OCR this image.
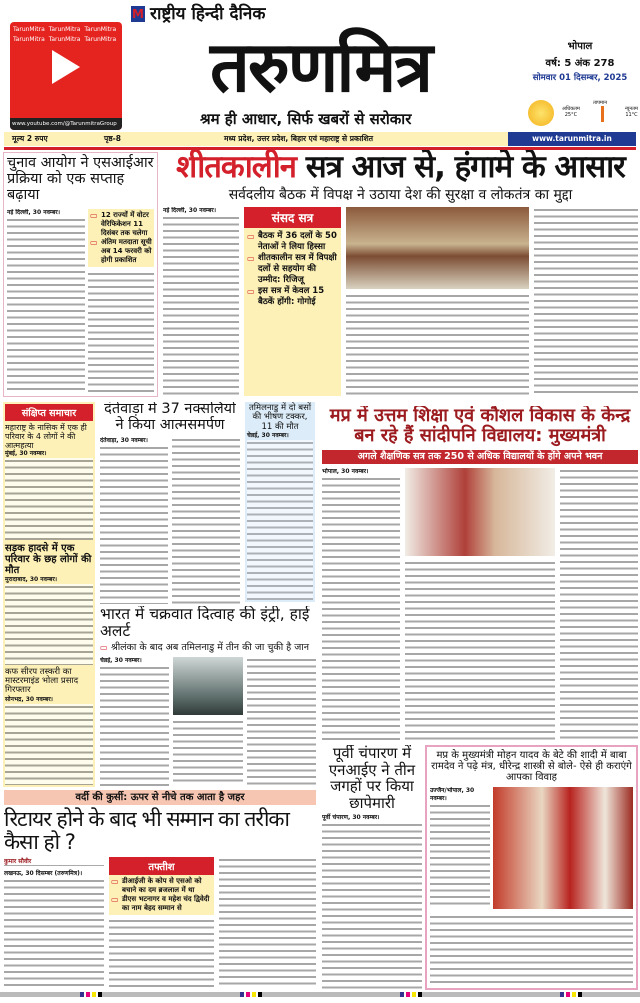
TarunMitra TarunMitra TarunMitra
TarunMitra TarunMitra TarunMitra
www.youtube.com/@TarunmitraGroup
M राष्ट्रीय हिन्दी दैनिक
तरुणमित्र
श्रम ही आधार, सिर्फ खबरों से सरोकार
भोपाल
वर्ष: 5 अंक 278
सोमवार 01 दिसम्बर, 2025
तापमान
अधिकतम
25°C
न्यूनतम
11°C
मूल्य 2 रुपए	पृष्ठ-8	मध्य प्रदेश, उत्तर प्रदेश, बिहार एवं महाराष्ट्र से प्रकाशित	www.tarunmitra.in
चुनाव आयोग ने एसआईआर प्रक्रिया को एक सप्ताह बढ़ाया
नई दिल्ली, 30 नवम्बर।	▭ 12 राज्यों में वोटर वेरिफिकेशन 11 दिसंबर तक चलेगा
▭ अंतिम मतदाता सूची अब 14 फरवरी को होगी प्रकाशित
शीतकालीन सत्र आज से, हंगामे के आसार
सर्वदलीय बैठक में विपक्ष ने उठाया देश की सुरक्षा व लोकतंत्र का मुद्दा
नई दिल्ली, 30 नवम्बर।
संसद सत्र
▭ बैठक में 36 दलों के 50 नेताओं ने लिया हिस्सा
▭ शीतकालीन सत्र में विपक्षी दलों से सहयोग की उम्मीद: रिजिजू
▭ इस सत्र में केवल 15 बैठकें होंगी: गोगोई
संक्षिप्त समाचार
महाराष्ट्र के नासिक में एक ही परिवार के 4 लोगों ने की आत्महत्या
मुंबई, 30 नवम्बर।
सड़क हादसे में एक परिवार के छह लोगों की मौत
मुरादाबाद, 30 नवम्बर।
कफ सीरप तस्करी का मास्टरमाइंड भोला प्रसाद गिरफ्तार
सोनभद्र, 30 नवम्बर।
दंतेवाड़ा में 37 नक्सलियों ने किया आत्मसमर्पण
दंतेवाड़ा, 30 नवम्बर।
तमिलनाडु में दो बसों की भीषण टक्कर, 11 की मौत
चेन्नई, 30 नवम्बर।
मप्र में उत्तम शिक्षा एवं कौशल विकास के केन्द्र बन रहे हैं सांदीपनि विद्यालय: मुख्यमंत्री
अगले शैक्षणिक सत्र तक 250 से अधिक विद्यालयों के होंगे अपने भवन
भोपाल, 30 नवम्बर।
भारत में चक्रवात दित्वाह की इंट्री, हाई अलर्ट
▭ श्रीलंका के बाद अब तमिलनाडु में तीन की जा चुकी है जान
चेन्नई, 30 नवम्बर।
पूर्वी चंपारण में एनआईए ने तीन जगहों पर किया छापेमारी
पूर्वी चंपारण, 30 नवम्बर।
मप्र के मुख्यमंत्री मोहन यादव के बेटे की शादी में बाबा रामदेव ने पढ़े मंत्र, धीरेन्द्र शास्त्री से बोले- ऐसे ही कराएंगे आपका विवाह
उज्जैन/भोपाल, 30 नवम्बर।
वर्दी की कुर्सी: ऊपर से नीचे तक आता है जहर
रिटायर होने के बाद भी सम्मान का तरीका कैसा हो ?
कुमार सौवीर
लखनऊ, 30 दिसम्बर (तरुणमित्र)।
तफ्तीश
▭ डीआईजी के कोप से एसओ को बचाने का दम ब्रजलाल में था
▭ डीएस भटनागर व महेश चंद द्विवेदी का नाम बेहद सम्मान से
